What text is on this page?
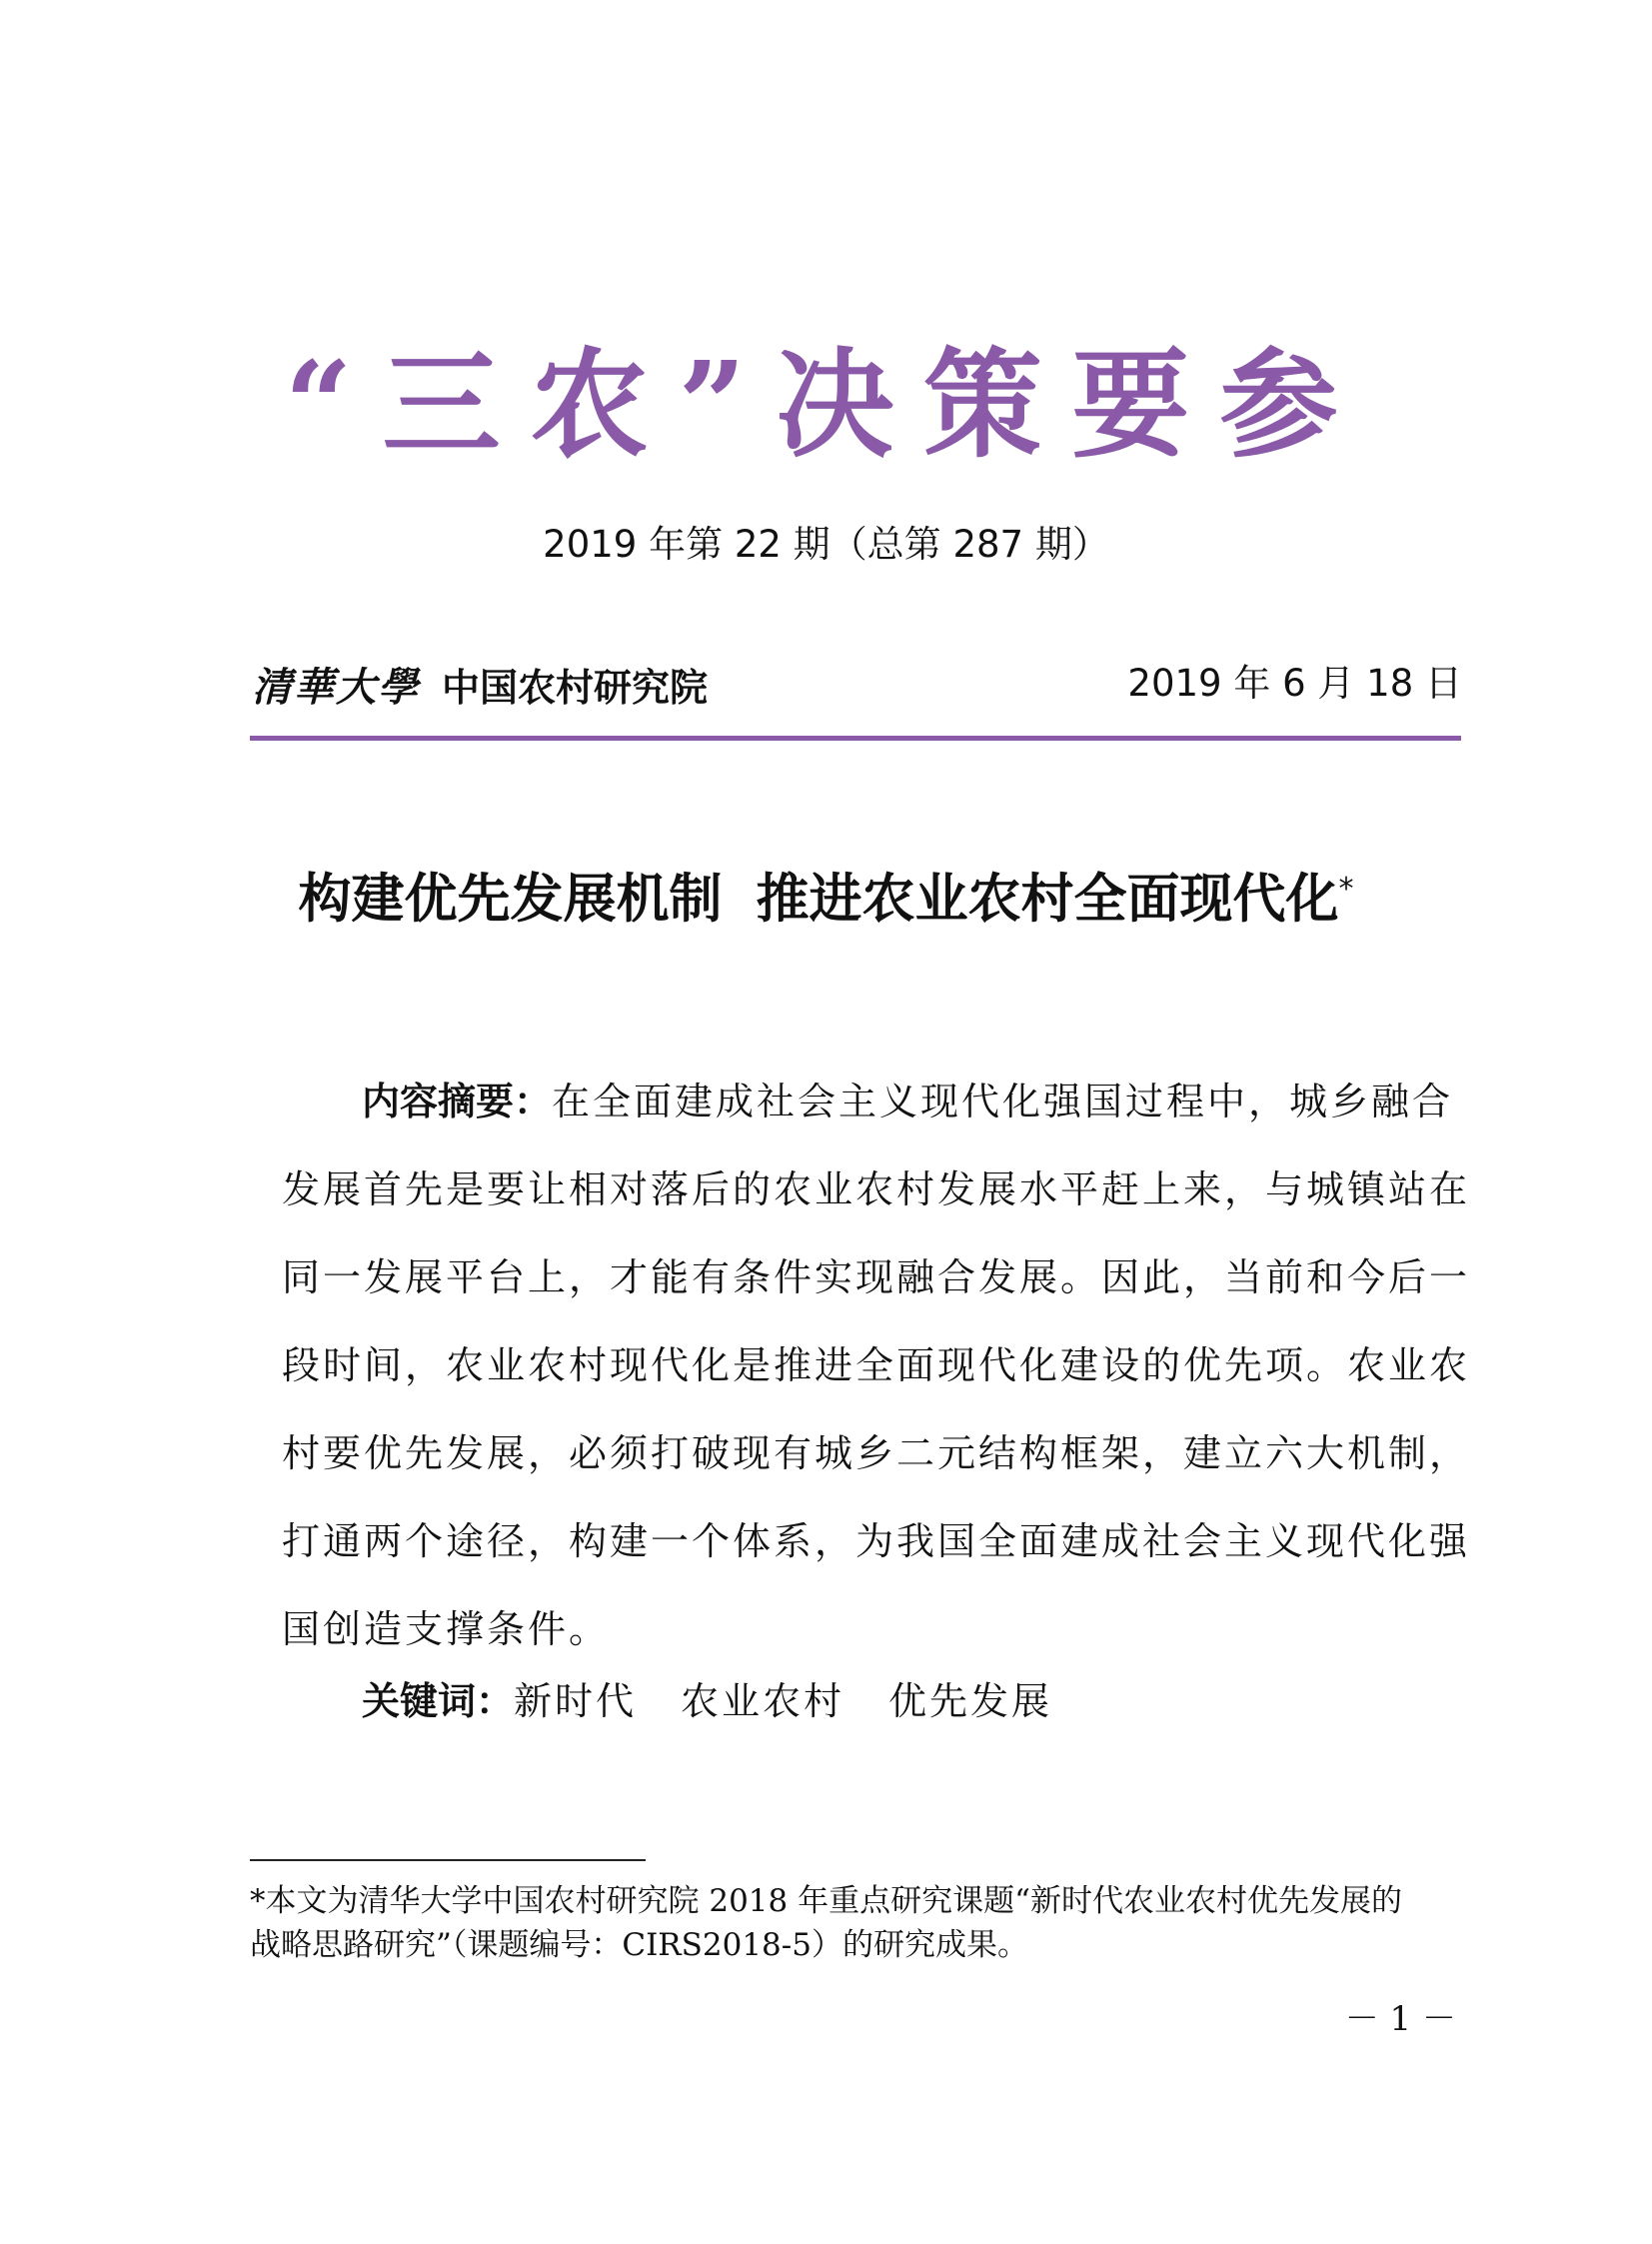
“三农”决策要参
2019 年第 22 期（总第 287 期）
清華大學 中国农村研究院	2019 年 6 月 18 日
构建优先发展机制 推进农业农村全面现代化*
内容摘要：在全面建成社会主义现代化强国过程中，城乡融合
发展首先是要让相对落后的农业农村发展水平赶上来，与城镇站在
同一发展平台上，才能有条件实现融合发展。因此，当前和今后一
段时间，农业农村现代化是推进全面现代化建设的优先项。农业农
村要优先发展，必须打破现有城乡二元结构框架，建立六大机制，
打通两个途径，构建一个体系，为我国全面建成社会主义现代化强
国创造支撑条件。
关键词：新时代 农业农村 优先发展
*本文为清华大学中国农村研究院 2018 年重点研究课题“新时代农业农村优先发展的
战略思路研究”（课题编号：CIRS2018-5）的研究成果。
－ 1 －
